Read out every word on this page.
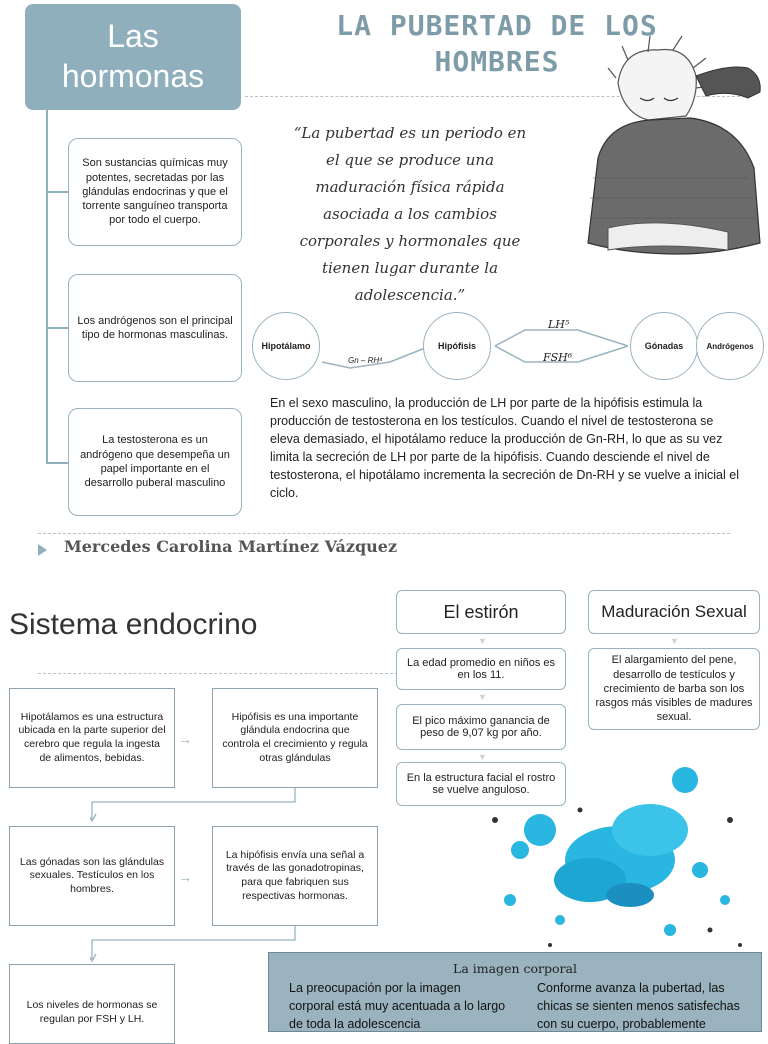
Las
hormonas
Son sustancias químicas muy potentes, secretadas por las glándulas endocrinas y que el torrente sanguíneo transporta por todo el cuerpo.
Los andrógenos son el principal tipo de hormonas masculinas.
La testosterona es un andrógeno que desempeña un papel importante en el desarrollo puberal masculino
LA PUBERTAD DE LOS
HOMBRES
“La pubertad es un periodo en el que se produce una maduración física rápida asociada a los cambios corporales y hormonales que tienen lugar durante la adolescencia.”
Hipotálamo
Gn – RH⁴
Hipófisis
LH⁵
FSH⁶
Gónadas	Andrógenos
En el sexo masculino, la producción de LH por parte de la hipófisis estimula la producción de testosterona en los testículos. Cuando el nivel de testosterona se eleva demasiado, el hipotálamo reduce la producción de Gn-RH, lo que as su vez limita la secreción de LH por parte de la hipófisis. Cuando desciende el nivel de testosterona, el hipotálamo incrementa la secreción de Dn-RH y se vuelve a inicial el ciclo.
Mercedes Carolina Martínez Vázquez
Sistema endocrino
Hipotálamos es una estructura ubicada en la parte superior del cerebro que regula la ingesta de alimentos, bebidas.
Hipófisis es una importante glándula endocrina que controla el crecimiento y regula otras glándulas
→
Las gónadas son las glándulas sexuales. Testículos en los hombres.
La hipófisis envía una señal a través de las gonadotropinas, para que fabriquen sus respectivas hormonas.
→
Los niveles de hormonas se regulan por FSH y LH.
El estirón
▼
La edad promedio en niños es en los 11.
▼
El pico máximo ganancia de peso de 9,07 kg por año.
▼
En la estructura facial el rostro se vuelve anguloso.
Maduración Sexual
▼
El alargamiento del pene, desarrollo de testículos y crecimiento de barba son los rasgos más visibles de madures sexual.
La imagen corporal
La preocupación por la imagen corporal está muy acentuada a lo largo de toda la adolescencia
Conforme avanza la pubertad, las chicas se sienten menos satisfechas con su cuerpo, probablemente
